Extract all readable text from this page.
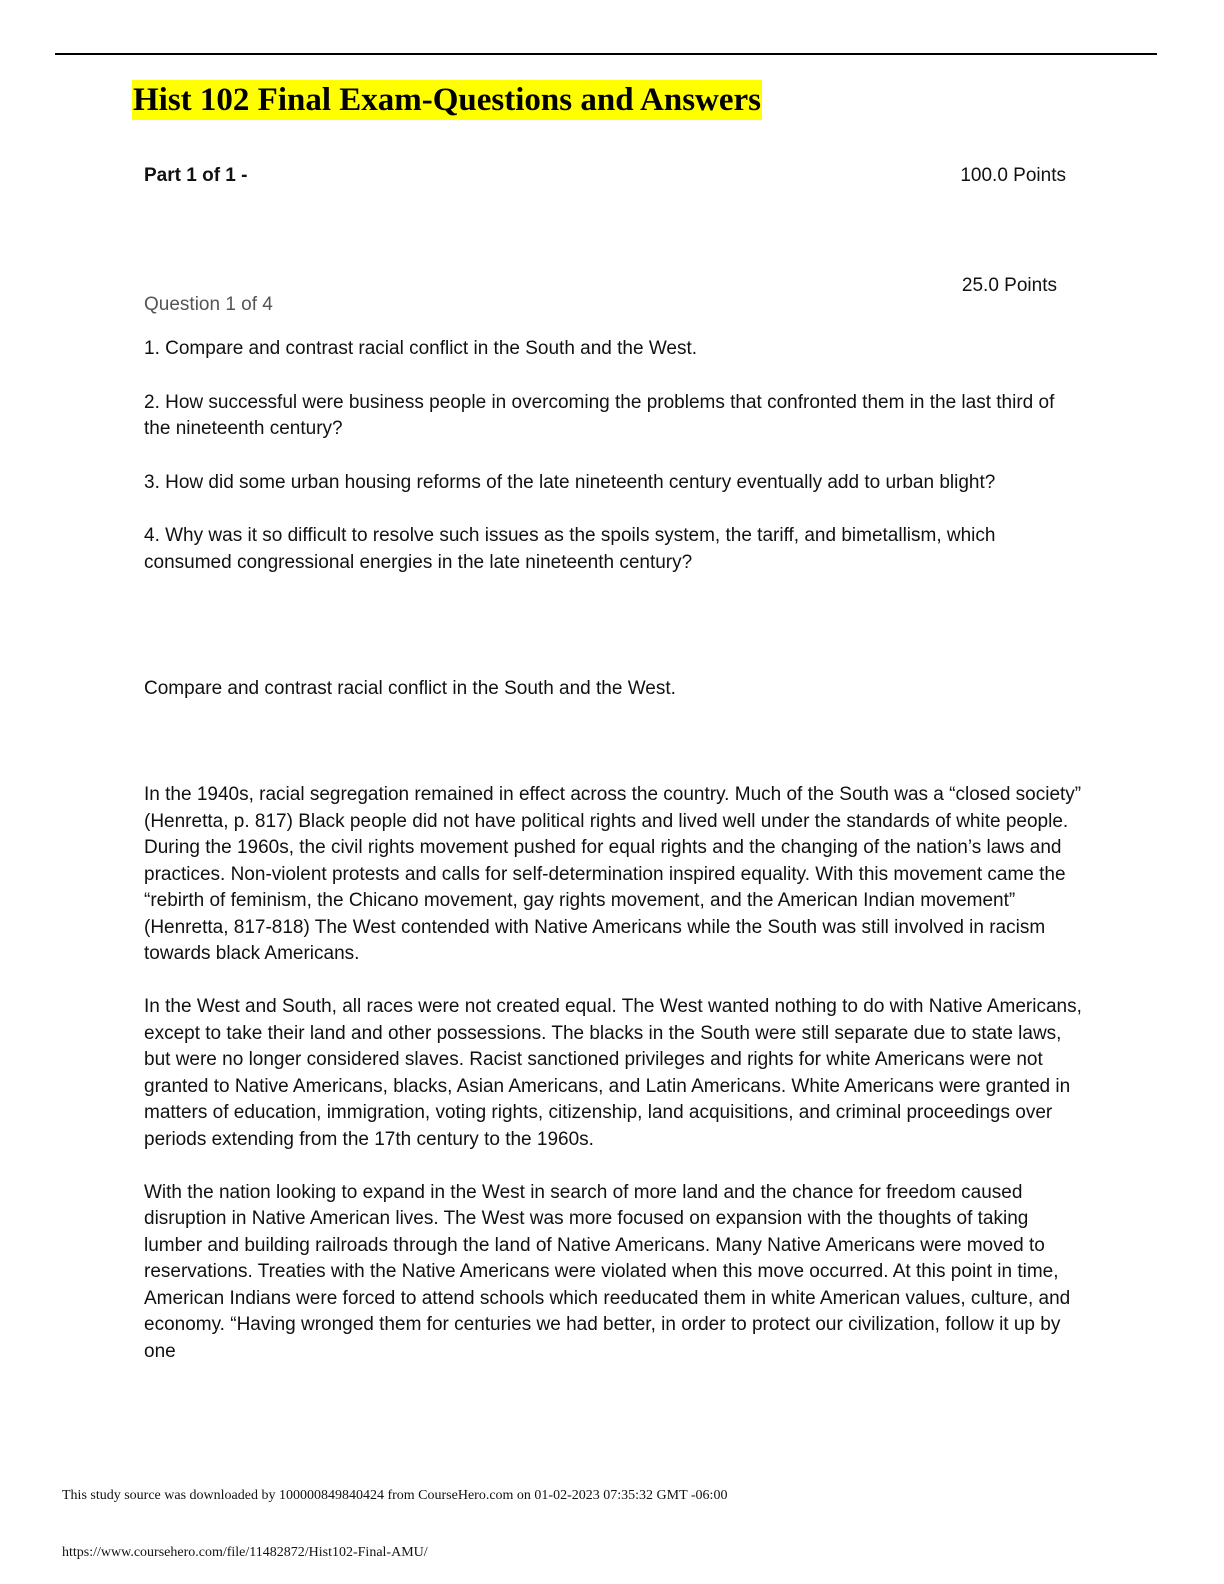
Hist 102 Final Exam-Questions and Answers
Part 1 of 1 -	100.0 Points
25.0 Points
Question 1 of 4
1. Compare and contrast racial conflict in the South and the West.
2. How successful were business people in overcoming the problems that confronted them in the last third of the nineteenth century?
3. How did some urban housing reforms of the late nineteenth century eventually add to urban blight?
4. Why was it so difficult to resolve such issues as the spoils system, the tariff, and bimetallism, which consumed congressional energies in the late nineteenth century?
Compare and contrast racial conflict in the South and the West.

In the 1940s, racial segregation remained in effect across the country. Much of the South was a “closed society” (Henretta, p. 817) Black people did not have political rights and lived well under the standards of white people. During the 1960s, the civil rights movement pushed for equal rights and the changing of the nation’s laws and practices. Non-violent protests and calls for self-determination inspired equality. With this movement came the “rebirth of feminism, the Chicano movement, gay rights movement, and the American Indian movement” (Henretta, 817-818) The West contended with Native Americans while the South was still involved in racism towards black Americans.

In the West and South, all races were not created equal. The West wanted nothing to do with Native Americans, except to take their land and other possessions. The blacks in the South were still separate due to state laws, but were no longer considered slaves. Racist sanctioned privileges and rights for white Americans were not granted to Native Americans, blacks, Asian Americans, and Latin Americans. White Americans were granted in matters of education, immigration, voting rights, citizenship, land acquisitions, and criminal proceedings over periods extending from the 17th century to the 1960s.

With the nation looking to expand in the West in search of more land and the chance for freedom caused disruption in Native American lives. The West was more focused on expansion with the thoughts of taking lumber and building railroads through the land of Native Americans. Many Native Americans were moved to reservations. Treaties with the Native Americans were violated when this move occurred. At this point in time, American Indians were forced to attend schools which reeducated them in white American values, culture, and economy. “Having wronged them for centuries we had better, in order to protect our civilization, follow it up by one

This study source was downloaded by 100000849840424 from CourseHero.com on 01-02-2023 07:35:32 GMT -06:00
https://www.coursehero.com/file/11482872/Hist102-Final-AMU/
